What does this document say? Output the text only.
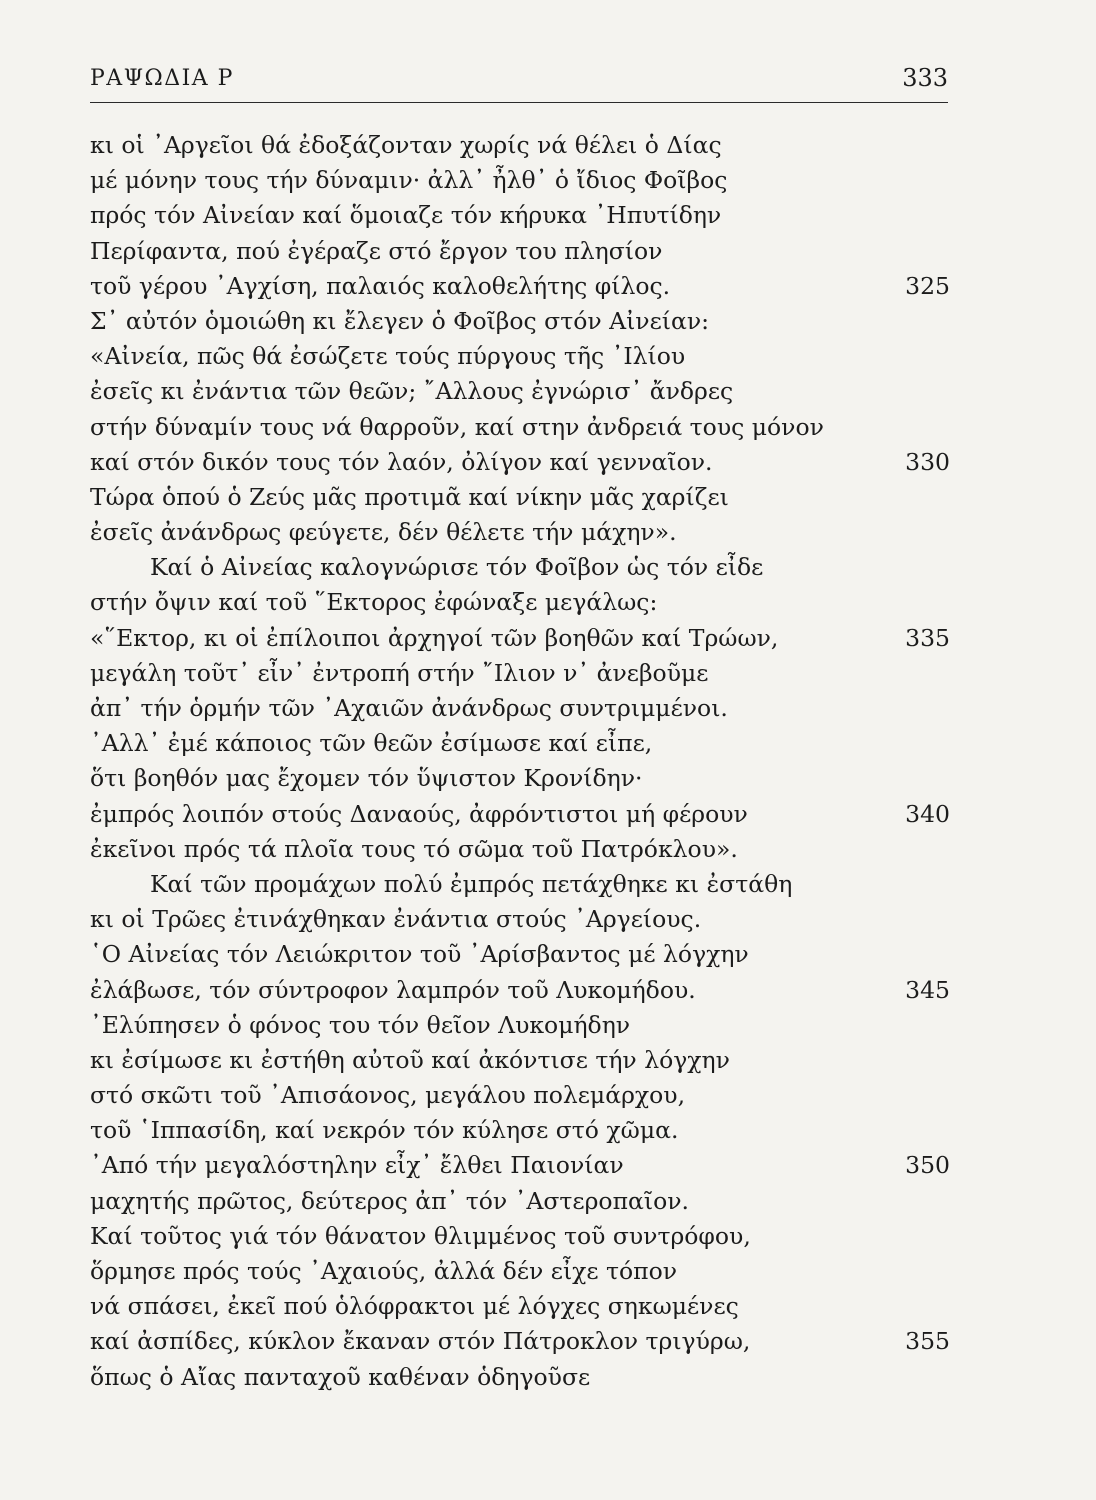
ΡΑΨΩΔΙΑ Ρ	333
κι οἱ ᾿Αργεῖοι θά ἐδοξάζονταν χωρίς νά θέλει ὁ Δίας
μέ μόνην τους τήν δύναμιν· ἀλλ᾿ ἦλθ᾿ ὁ ἴδιος Φοῖβος
πρός τόν Αἰνείαν καί ὅμοιαζε τόν κήρυκα ᾿Ηπυτίδην
Περίφαντα, πού ἐγέραζε στό ἔργον του πλησίον
τοῦ γέρου ᾿Αγχίση, παλαιός καλοθελήτης φίλος.	325
Σ᾿ αὐτόν ὁμοιώθη κι ἔλεγεν ὁ Φοῖβος στόν Αἰνείαν:
«Αἰνεία, πῶς θά ἐσώζετε τούς πύργους τῆς ᾿Ιλίου
ἐσεῖς κι ἐνάντια τῶν θεῶν; ῎Αλλους ἐγνώρισ᾿ ἄνδρες
στήν δύναμίν τους νά θαρροῦν, καί στην ἀνδρειά τους μόνον
καί στόν δικόν τους τόν λαόν, ὀλίγον καί γενναῖον.	330
Τώρα ὁπού ὁ Ζεύς μᾶς προτιμᾶ καί νίκην μᾶς χαρίζει
ἐσεῖς ἀνάνδρως φεύγετε, δέν θέλετε τήν μάχην».
Καί ὁ Αἰνείας καλογνώρισε τόν Φοῖβον ὡς τόν εἶδε
στήν ὄψιν καί τοῦ ῞Εκτορος ἐφώναξε μεγάλως:
«῞Εκτορ, κι οἱ ἐπίλοιποι ἀρχηγοί τῶν βοηθῶν καί Τρώων,	335
μεγάλη τοῦτ᾿ εἶν᾿ ἐντροπή στήν ῎Ιλιον ν᾿ ἀνεβοῦμε
ἀπ᾿ τήν ὁρμήν τῶν ᾿Αχαιῶν ἀνάνδρως συντριμμένοι.
᾿Αλλ᾿ ἐμέ κάποιος τῶν θεῶν ἐσίμωσε καί εἶπε,
ὅτι βοηθόν μας ἔχομεν τόν ὕψιστον Κρονίδην·
ἐμπρός λοιπόν στούς Δαναούς, ἀφρόντιστοι μή φέρουν	340
ἐκεῖνοι πρός τά πλοῖα τους τό σῶμα τοῦ Πατρόκλου».
Καί τῶν προμάχων πολύ ἐμπρός πετάχθηκε κι ἐστάθη
κι οἱ Τρῶες ἐτινάχθηκαν ἐνάντια στούς ᾿Αργείους.
῾Ο Αἰνείας τόν Λειώκριτον τοῦ ᾿Αρίσβαντος μέ λόγχην
ἐλάβωσε, τόν σύντροφον λαμπρόν τοῦ Λυκομήδου.	345
᾿Ελύπησεν ὁ φόνος του τόν θεῖον Λυκομήδην
κι ἐσίμωσε κι ἐστήθη αὐτοῦ καί ἀκόντισε τήν λόγχην
στό σκῶτι τοῦ ᾿Απισάονος, μεγάλου πολεμάρχου,
τοῦ ῾Ιππασίδη, καί νεκρόν τόν κύλησε στό χῶμα.
᾿Από τήν μεγαλόστηλην εἶχ᾿ ἔλθει Παιονίαν	350
μαχητής πρῶτος, δεύτερος ἀπ᾿ τόν ᾿Αστεροπαῖον.
Καί τοῦτος γιά τόν θάνατον θλιμμένος τοῦ συντρόφου,
ὅρμησε πρός τούς ᾿Αχαιούς, ἀλλά δέν εἶχε τόπον
νά σπάσει, ἐκεῖ πού ὁλόφρακτοι μέ λόγχες σηκωμένες
καί ἀσπίδες, κύκλον ἔκαναν στόν Πάτροκλον τριγύρω,	355
ὅπως ὁ Αἴας πανταχοῦ καθέναν ὁδηγοῦσε
